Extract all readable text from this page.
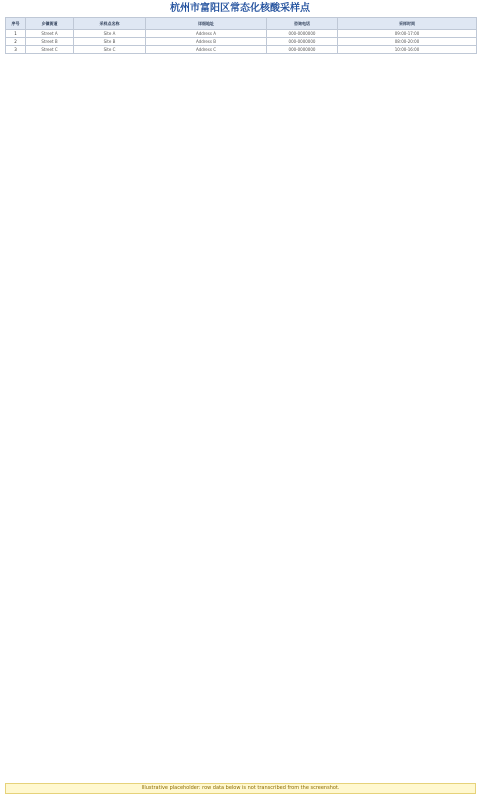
杭州市富阳区常态化核酸采样点
序号	乡镇街道	采样点名称	详细地址	咨询电话	采样时间
1	Street A	Site A	Address A	000-0000000	09:00-17:00
2	Street B	Site B	Address B	000-0000000	08:00-20:00
3	Street C	Site C	Address C	000-0000000	10:00-16:00
Illustrative placeholder: row data below is not transcribed from the screenshot.
